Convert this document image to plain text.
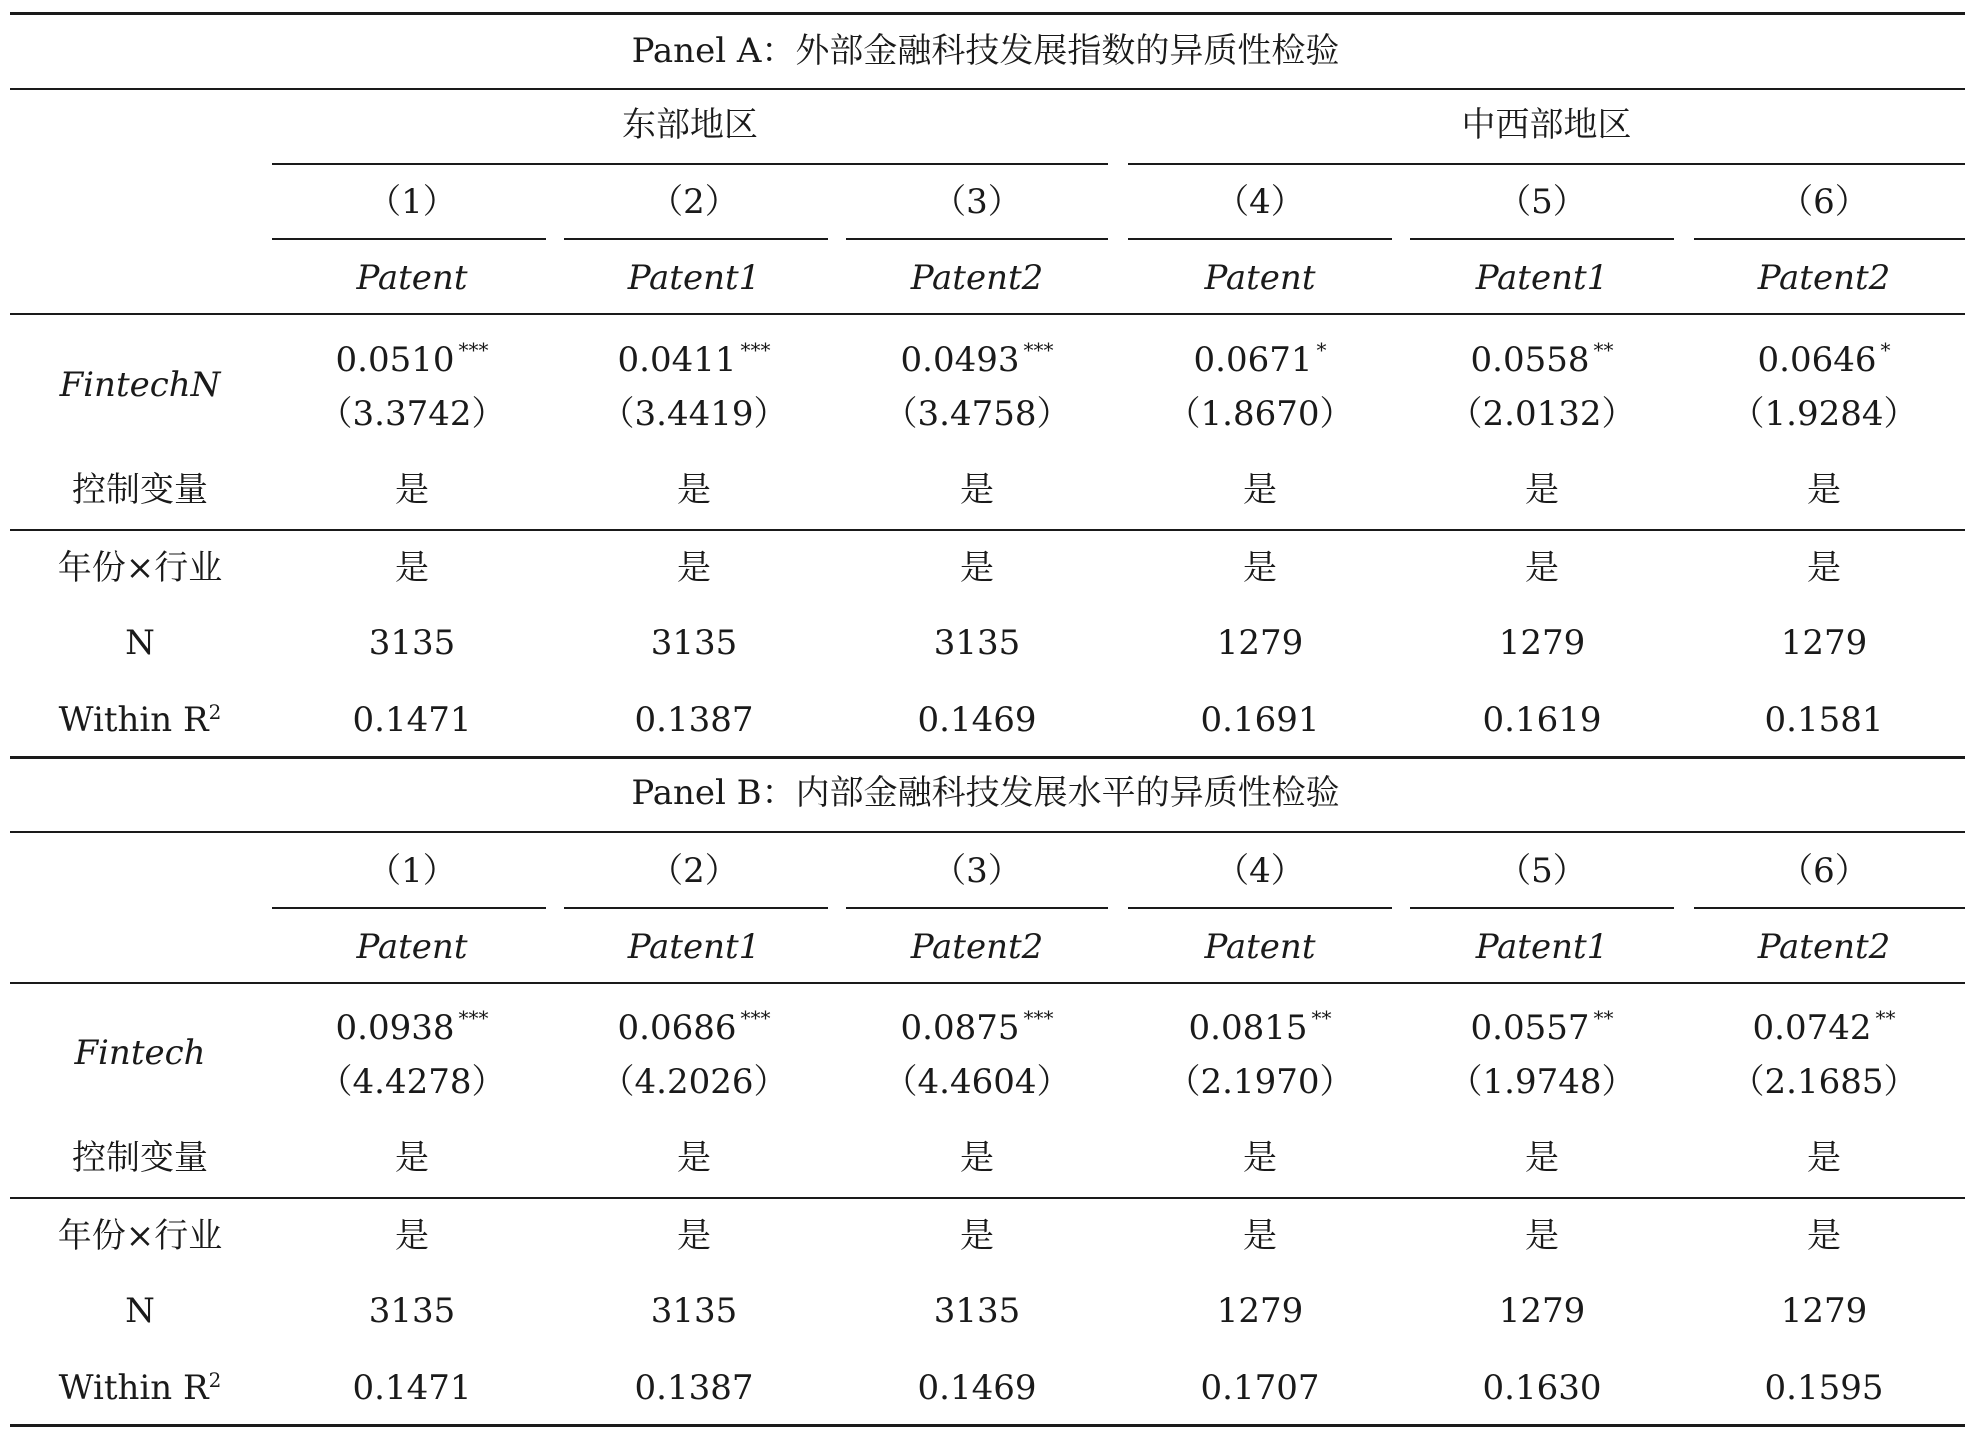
Panel A：外部金融科技发展指数的异质性检验
东部地区	中西部地区
（1）	（2）	（3）	（4）	（5）	（6）
Patent	Patent1	Patent2	Patent	Patent1	Patent2
FintechN
0.0510 ***	0.0411 ***	0.0493 ***	0.0671 *	0.0558 **	0.0646 *
（3.3742）	（3.4419）	（3.4758）	（1.8670）	（2.0132）	（1.9284）
控制变量	是	是	是	是	是	是
年份×行业	是	是	是	是	是	是
N	3135	3135	3135	1279	1279	1279
Within $R^2$	0.1471	0.1387	0.1469	0.1691	0.1619	0.1581
Panel B：内部金融科技发展水平的异质性检验
（1）	（2）	（3）	（4）	（5）	（6）
Patent	Patent1	Patent2	Patent	Patent1	Patent2
Fintech
0.0938 ***	0.0686 ***	0.0875 ***	0.0815 **	0.0557 **	0.0742 **
（4.4278）	（4.2026）	（4.4604）	（2.1970）	（1.9748）	（2.1685）
控制变量	是	是	是	是	是	是
年份×行业	是	是	是	是	是	是
N	3135	3135	3135	1279	1279	1279
Within $R^2$	0.1471	0.1387	0.1469	0.1707	0.1630	0.1595
